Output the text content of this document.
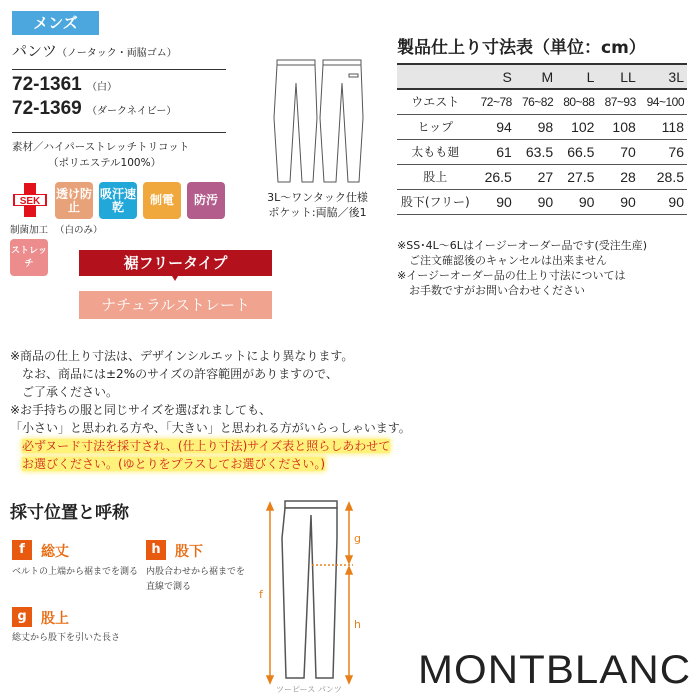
メンズ
パンツ（ノータック・両脇ゴム）
72-1361 （白）
72-1369 （ダークネイビー）
素材／ハイパーストレッチトリコット
（ポリエステル100%）
SEK
制菌加工
透け防止
（白のみ）
吸汗速乾	制電	防汚
ストレッチ	裾フリータイプ
ナチュラルストレート
3L～ワンタック仕様
ポケット:両脇／後1
製品仕上り寸法表（単位：cm）
	S	M	L	LL	3L
ウエスト	72~78	76~82	80~88	87~93	94~100
ヒップ	94	98	102	108	118
太もも廻	61	63.5	66.5	70	76
股上	26.5	27	27.5	28	28.5
股下(フリー)	90	90	90	90	90
※SS･4L～6Lはイージーオーダー品です(受注生産)
ご注文確認後のキャンセルは出来ません
※イージーオーダー品の仕上り寸法については
お手数ですがお問い合わせください
※商品の仕上り寸法は、デザインシルエットにより異なります。
なお、商品には±2%のサイズの許容範囲がありますので、
ご了承ください。
※お手持ちの服と同じサイズを選ばれましても、
「小さい」と思われる方や、「大きい」と思われる方がいらっしゃいます。
必ずヌード寸法を採寸され、(仕上り寸法)サイズ表と照らしあわせて
お選びください。(ゆとりをプラスしてお選びください。)
採寸位置と呼称
f	総丈
ベルトの上端から裾までを測る
h	股下
内股合わせから裾までを
直線で測る
g	股上
総丈から股下を引いた長さ
f
g
h
ツーピース パンツ MONTBLANC
